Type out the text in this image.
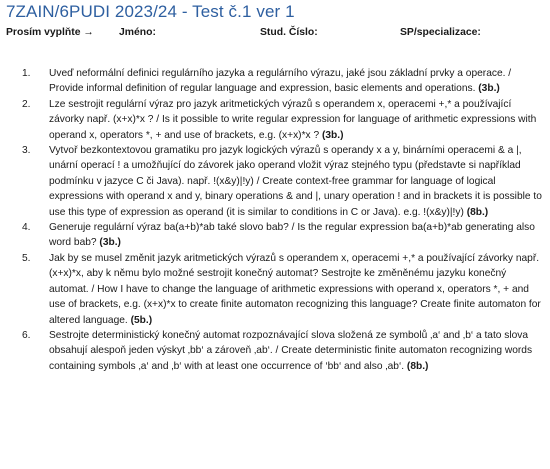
7ZAIN/6PUDI 2023/24 - Test č.1 ver 1
Prosím vyplňte → Jméno:	Stud. Číslo:	SP/specializace:
1. Uveď neformální definici regulárního jazyka a regulárního výrazu, jaké jsou základní prvky a operace. / Provide informal definition of regular language and expression, basic elements and operations. (3b.)
2. Lze sestrojit regulární výraz pro jazyk aritmetických výrazů s operandem x, operacemi +,* a používající závorky např. (x+x)*x ? / Is it possible to write regular expression for language of arithmetic expressions with operand x, operators *, + and use of brackets, e.g. (x+x)*x ? (3b.)
3. Vytvoř bezkontextovou gramatiku pro jazyk logických výrazů s operandy x a y, binárními operacemi & a |, unární operací ! a umožňující do závorek jako operand vložit výraz stejného typu (představte si například podmínku v jazyce C či Java). např. !(x&y)|!y) / Create context-free grammar for language of logical expressions with operand x and y, binary operations & and |, unary operation ! and in brackets it is possible to use this type of expression as operand (it is similar to conditions in C or Java). e.g. !(x&y)|!y) (8b.)
4. Generuje regulární výraz ba(a+b)*ab také slovo bab? / Is the regular expression ba(a+b)*ab generating also word bab? (3b.)
5. Jak by se musel změnit jazyk aritmetických výrazů s operandem x, operacemi +,* a používající závorky např. (x+x)*x, aby k němu bylo možné sestrojit konečný automat? Sestrojte ke změněnému jazyku konečný automat. / How I have to change the language of arithmetic expressions with operand x, operators *, + and use of brackets, e.g. (x+x)*x to create finite automaton recognizing this language? Create finite automaton for altered language. (5b.)
6. Sestrojte deterministický konečný automat rozpoznávající slova složená ze symbolů ‚a‘ and ‚b‘ a tato slova obsahují alespoň jeden výskyt ‚bb‘ a zároveň ‚ab‘. / Create deterministic finite automaton recognizing words containing symbols ‚a‘ and ‚b‘ with at least one occurrence of ‘bb‘ and also ‚ab‘. (8b.)
